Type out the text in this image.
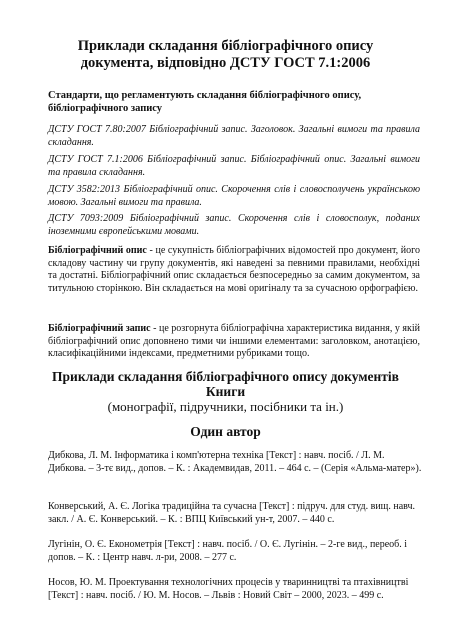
Приклади складання бібліографічного опису
документа, відповідно ДСТУ ГОСТ 7.1:2006
Стандарти, що регламентують складання бібліографічного опису, бібліографічного запису
ДСТУ ГОСТ 7.80:2007 Бібліографічний запис. Заголовок. Загальні вимоги та правила складання.
ДСТУ ГОСТ 7.1:2006 Бібліографічний запис. Бібліографічний опис. Загальні вимоги та правила складання.
ДСТУ 3582:2013 Бібліографічний опис. Скорочення слів і словосполучень українською мовою. Загальні вимоги та правила.
ДСТУ 7093:2009 Бібліографічний запис. Скорочення слів і словосполук, поданих іноземними європейськими мовами.
Бібліографічний опис - це сукупність бібліографічних відомостей про документ, його складову частину чи групу документів, які наведені за певними правилами, необхідні та достатні. Бібліографічний опис складається безпосередньо за самим документом, за титульною сторінкою. Він складається на мові оригіналу та за сучасною орфографією.
Бібліографічний запис - це розгорнута бібліографічна характеристика видання, у якій бібліографічний опис доповнено тими чи іншими елементами: заголовком, анотацією, класифікаційними індексами, предметними рубриками тощо.
Приклади складання бібліографічного опису документів
Книги
(монографії, підручники, посібники та ін.)
Один автор
Дибкова, Л. М. Інформатика і комп'ютерна техніка [Текст] : навч. посіб. / Л. М. Дибкова. – 3-тє вид., допов. – К. : Академвидав, 2011. – 464 с. – (Серія «Альма-матер»).
Конверський, А. Є. Логіка традиційна та сучасна [Текст] : підруч. для студ. вищ. навч. закл. / А. Є. Конверський. – К. : ВПЦ Київський ун-т, 2007. – 440 с.
Лугінін, О. Є. Економетрія [Текст] : навч. посіб. / О. Є. Лугінін. – 2-ге вид., переоб. і допов. – К. : Центр навч. л-ри, 2008. – 277 с.
Носов, Ю. М. Проектування технологічних процесів у тваринництві та птахівництві [Текст] : навч. посіб. / Ю. М. Носов. – Львів : Новий Світ – 2000, 2023. – 499 с.
